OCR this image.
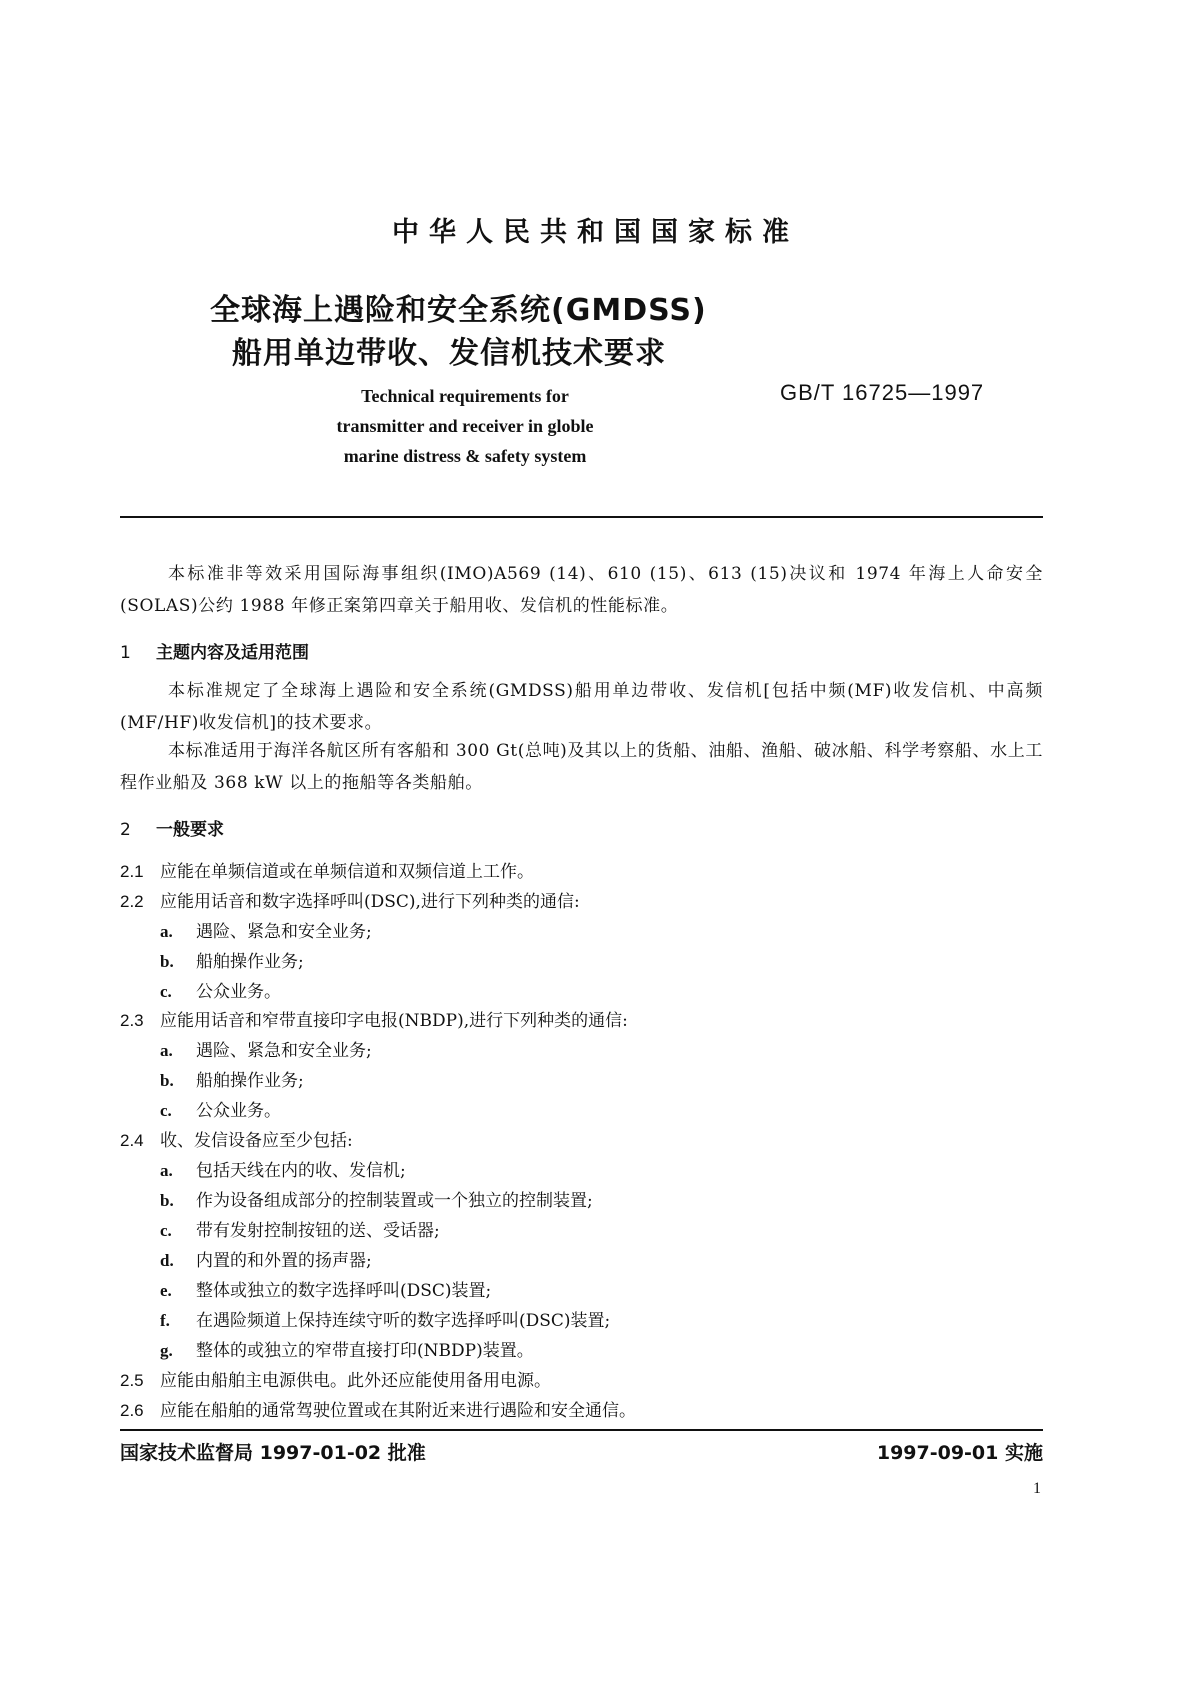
中华人民共和国国家标准
全球海上遇险和安全系统(GMDSS)
船用单边带收、发信机技术要求
GB/T 16725—1997
Technical requirements for
transmitter and receiver in globle
marine distress & safety system
本标准非等效采用国际海事组织(IMO)A569 (14)、610 (15)、613 (15)决议和 1974 年海上人命安全(SOLAS)公约 1988 年修正案第四章关于船用收、发信机的性能标准。
1 主题内容及适用范围
本标准规定了全球海上遇险和安全系统(GMDSS)船用单边带收、发信机[包括中频(MF)收发信机、中高频(MF/HF)收发信机]的技术要求。
本标准适用于海洋各航区所有客船和 300 Gt(总吨)及其以上的货船、油船、渔船、破冰船、科学考察船、水上工程作业船及 368 kW 以上的拖船等各类船舶。
2 一般要求
2.1 应能在单频信道或在单频信道和双频信道上工作。
2.2 应能用话音和数字选择呼叫(DSC),进行下列种类的通信:
a. 遇险、紧急和安全业务;
b. 船舶操作业务;
c. 公众业务。
2.3 应能用话音和窄带直接印字电报(NBDP),进行下列种类的通信:
a. 遇险、紧急和安全业务;
b. 船舶操作业务;
c. 公众业务。
2.4 收、发信设备应至少包括:
a. 包括天线在内的收、发信机;
b. 作为设备组成部分的控制装置或一个独立的控制装置;
c. 带有发射控制按钮的送、受话器;
d. 内置的和外置的扬声器;
e. 整体或独立的数字选择呼叫(DSC)装置;
f. 在遇险频道上保持连续守听的数字选择呼叫(DSC)装置;
g. 整体的或独立的窄带直接打印(NBDP)装置。
2.5 应能由船舶主电源供电。此外还应能使用备用电源。
2.6 应能在船舶的通常驾驶位置或在其附近来进行遇险和安全通信。
国家技术监督局 1997-01-02 批准	1997-09-01 实施
1
